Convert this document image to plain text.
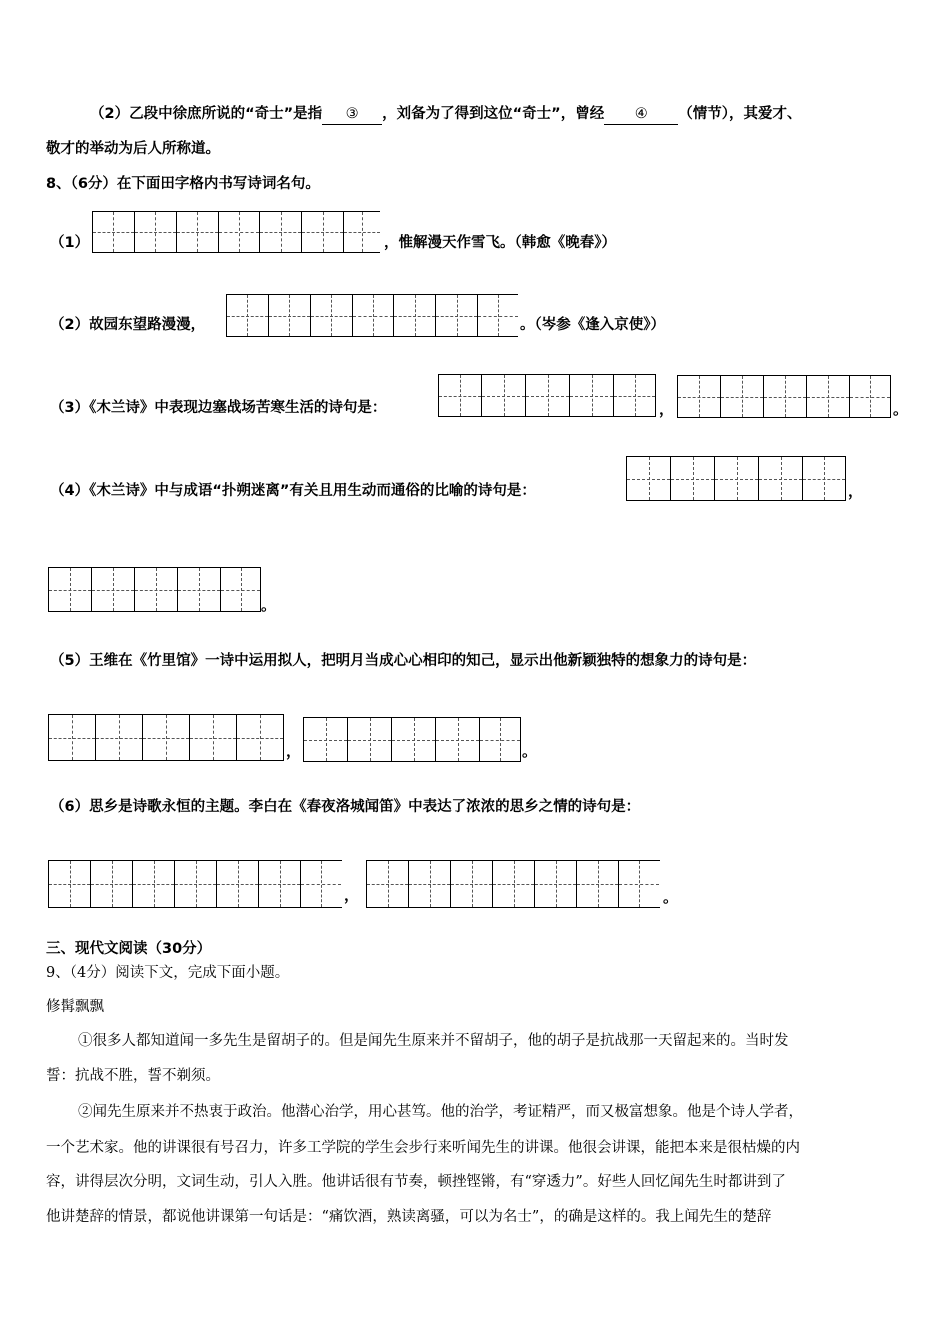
（2）乙段中徐庶所说的“奇士”是指 ③ ，刘备为了得到这位“奇士”，曾经 ④ （情节），其爱才、
敬才的举动为后人所称道。
8、（6分）在下面田字格内书写诗词名句。
（1）	，惟解漫天作雪飞。（韩愈《晚春》）
（2）故园东望路漫漫，	。（岑参《逢入京使》）
（3）《木兰诗》中表现边塞战场苦寒生活的诗句是：	，	。
（4）《木兰诗》中与成语“扑朔迷离”有关且用生动而通俗的比喻的诗句是：	，
。
（5）王维在《竹里馆》一诗中运用拟人，把明月当成心心相印的知己，显示出他新颖独特的想象力的诗句是：
，	。
（6）思乡是诗歌永恒的主题。李白在《春夜洛城闻笛》中表达了浓浓的思乡之情的诗句是：
，	。
三、现代文阅读（30分）
9、（4分）阅读下文，完成下面小题。
修髯飘飘
①很多人都知道闻一多先生是留胡子的。但是闻先生原来并不留胡子，他的胡子是抗战那一天留起来的。当时发
誓：抗战不胜，誓不剃须。
②闻先生原来并不热衷于政治。他潜心治学，用心甚笃。他的治学，考证精严，而又极富想象。他是个诗人学者，
一个艺术家。他的讲课很有号召力，许多工学院的学生会步行来听闻先生的讲课。他很会讲课，能把本来是很枯燥的内
容，讲得层次分明，文词生动，引人入胜。他讲话很有节奏，顿挫铿锵，有“穿透力”。好些人回忆闻先生时都讲到了
他讲楚辞的情景，都说他讲课第一句话是：“痛饮酒，熟读离骚，可以为名士”，的确是这样的。我上闻先生的楚辞
